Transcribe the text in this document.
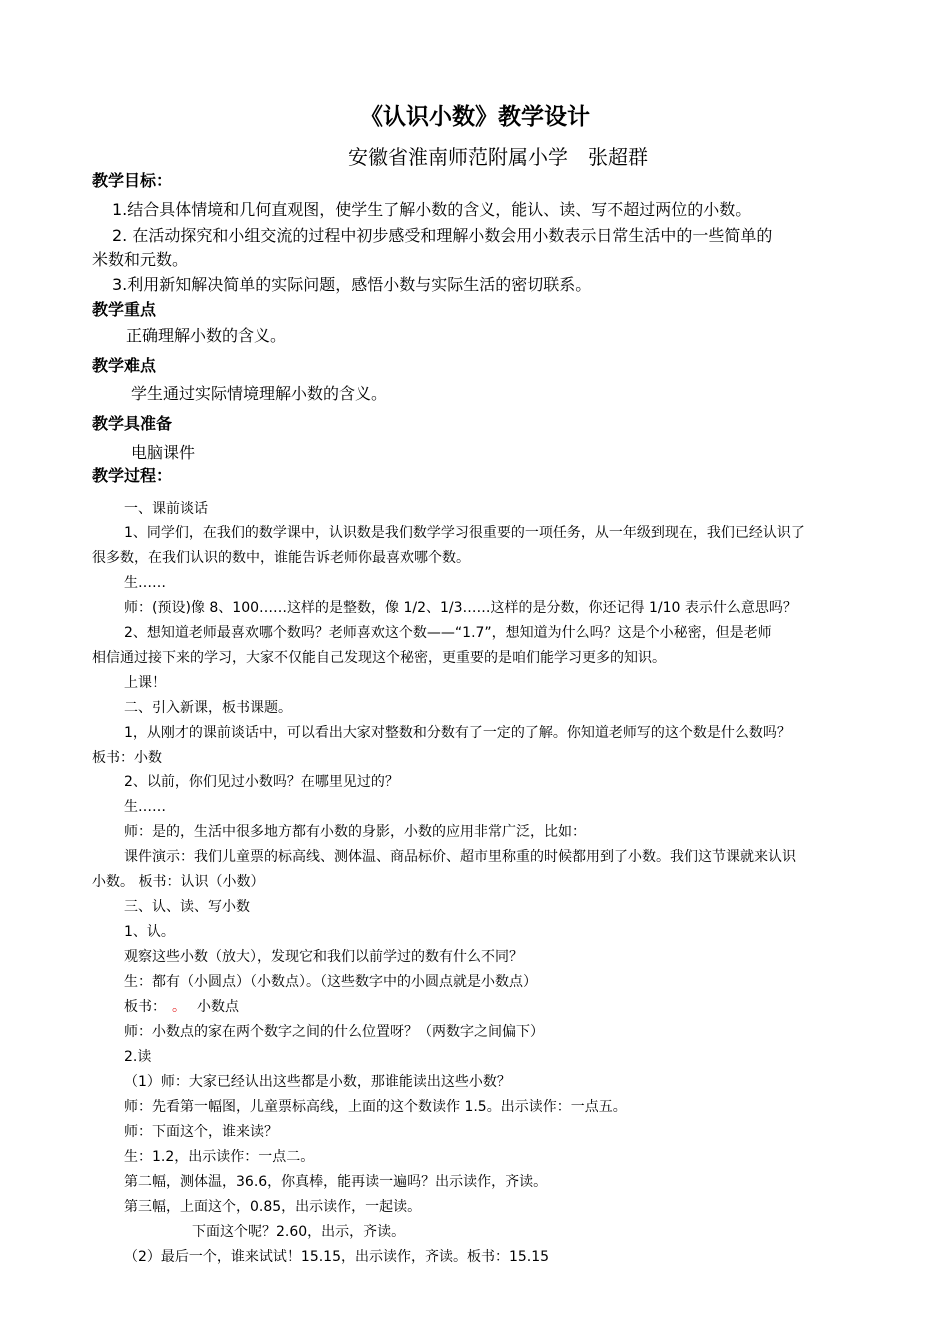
《认识小数》教学设计
安徽省淮南师范附属小学　张超群
教学目标：
1.结合具体情境和几何直观图，使学生了解小数的含义，能认、读、写不超过两位的小数。
2. 在活动探究和小组交流的过程中初步感受和理解小数会用小数表示日常生活中的一些简单的
米数和元数。
3.利用新知解决简单的实际问题，感悟小数与实际生活的密切联系。
教学重点
正确理解小数的含义。
教学难点
学生通过实际情境理解小数的含义。
教学具准备
电脑课件
教学过程：
一、课前谈话
1、同学们，在我们的数学课中，认识数是我们数学学习很重要的一项任务，从一年级到现在，我们已经认识了
很多数，在我们认识的数中，谁能告诉老师你最喜欢哪个数。
生……
师：(预设)像 8、100……这样的是整数，像 1/2、1/3……这样的是分数，你还记得 1/10 表示什么意思吗？
2、想知道老师最喜欢哪个数吗？老师喜欢这个数——“1.7”，想知道为什么吗？这是个小秘密，但是老师
相信通过接下来的学习，大家不仅能自己发现这个秘密，更重要的是咱们能学习更多的知识。
上课！
二、引入新课，板书课题。
1，从刚才的课前谈话中，可以看出大家对整数和分数有了一定的了解。你知道老师写的这个数是什么数吗？
板书：小数
2、以前，你们见过小数吗？在哪里见过的？
生……
师：是的，生活中很多地方都有小数的身影，小数的应用非常广泛，比如：
课件演示：我们儿童票的标高线、测体温、商品标价、超市里称重的时候都用到了小数。我们这节课就来认识
小数。 板书：认识（小数）
三、认、读、写小数
1、认。
观察这些小数（放大），发现它和我们以前学过的数有什么不同？
生：都有（小圆点）（小数点）。（这些数字中的小圆点就是小数点）
板书： 。 小数点
师：小数点的家在两个数字之间的什么位置呀？（两数字之间偏下）
2.读
（1）师：大家已经认出这些都是小数，那谁能读出这些小数？
师：先看第一幅图，儿童票标高线，上面的这个数读作 1.5。出示读作：一点五。
师：下面这个，谁来读？
生：1.2，出示读作：一点二。
第二幅，测体温，36.6，你真棒，能再读一遍吗？出示读作，齐读。
第三幅，上面这个，0.85，出示读作，一起读。
下面这个呢？2.60，出示，齐读。
（2）最后一个，谁来试试！15.15，出示读作，齐读。板书：15.15
